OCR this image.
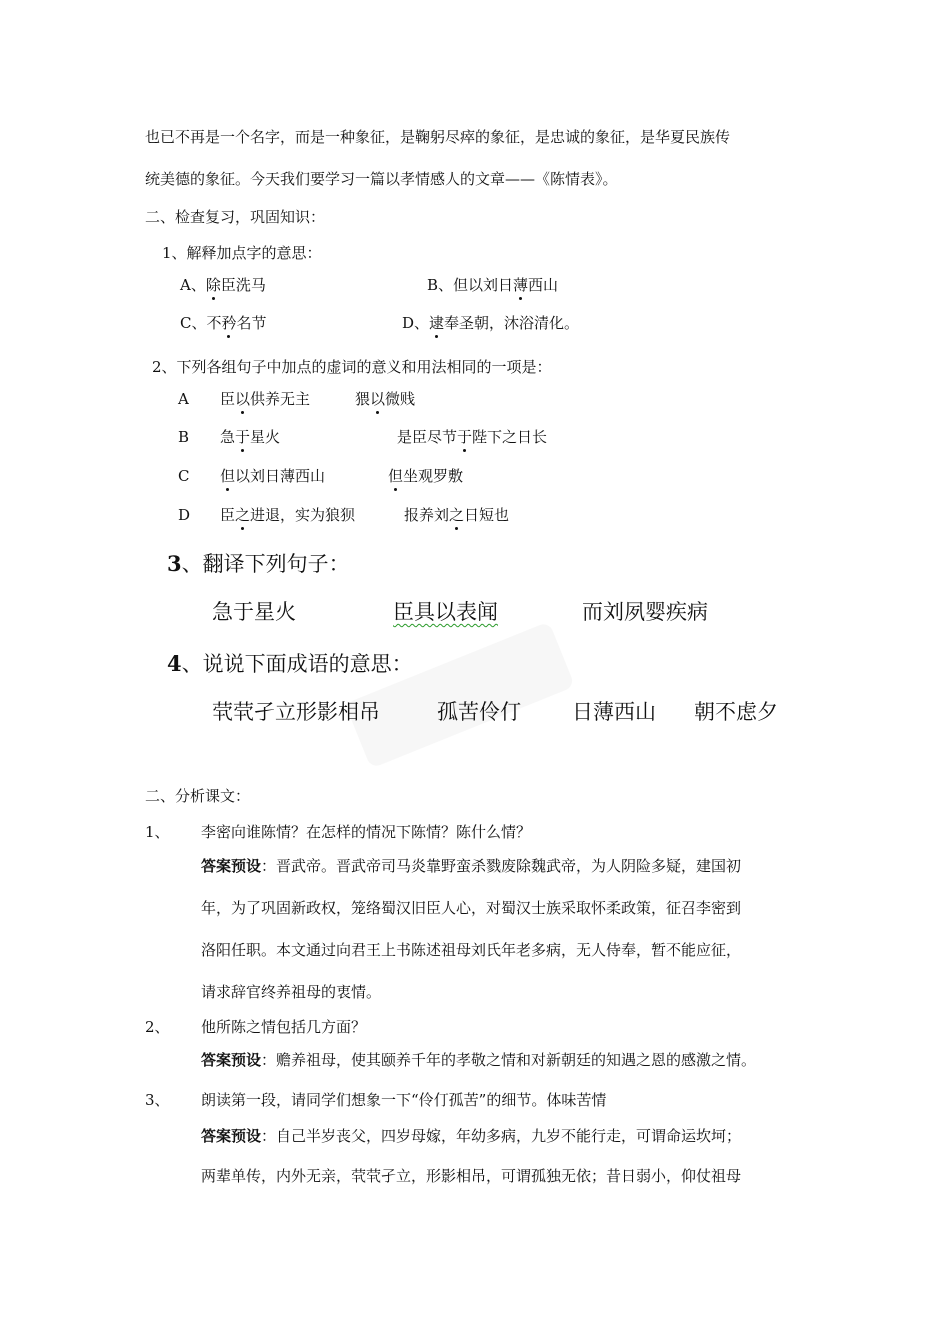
也已不再是一个名字，而是一种象征，是鞠躬尽瘁的象征，是忠诚的象征，是华夏民族传
统美德的象征。今天我们要学习一篇以孝情感人的文章——《陈情表》。
二、检查复习，巩固知识：
1、解释加点字的意思：
A、除臣洗马	B、但以刘日薄西山
C、不矜名节	D、逮奉圣朝，沐浴清化。
2、下列各组句子中加点的虚词的意义和用法相同的一项是：
A 臣以供养无主	猥以微贱
B 急于星火	是臣尽节于陛下之日长
C 但以刘日薄西山	但坐观罗敷
D 臣之进退，实为狼狈	报养刘之日短也
3、翻译下列句子：
急于星火	臣具以表闻	而刘夙婴疾病
4、说说下面成语的意思：
茕茕孑立形影相吊	孤苦伶仃 日薄西山 朝不虑夕
二、分析课文：
1、 李密向谁陈情？在怎样的情况下陈情？陈什么情？
答案预设：晋武帝。晋武帝司马炎靠野蛮杀戮废除魏武帝，为人阴险多疑，建国初
年，为了巩固新政权，笼络蜀汉旧臣人心，对蜀汉士族采取怀柔政策，征召李密到
洛阳任职。本文通过向君王上书陈述祖母刘氏年老多病，无人侍奉，暂不能应征，
请求辞官终养祖母的衷情。
2、 他所陈之情包括几方面？
答案预设：赡养祖母，使其颐养千年的孝敬之情和对新朝廷的知遇之恩的感激之情。
3、 朗读第一段，请同学们想象一下“伶仃孤苦”的细节。体味苦情
答案预设：自己半岁丧父，四岁母嫁，年幼多病，九岁不能行走，可谓命运坎坷；
两辈单传，内外无亲，茕茕孑立，形影相吊，可谓孤独无依；昔日弱小，仰仗祖母
